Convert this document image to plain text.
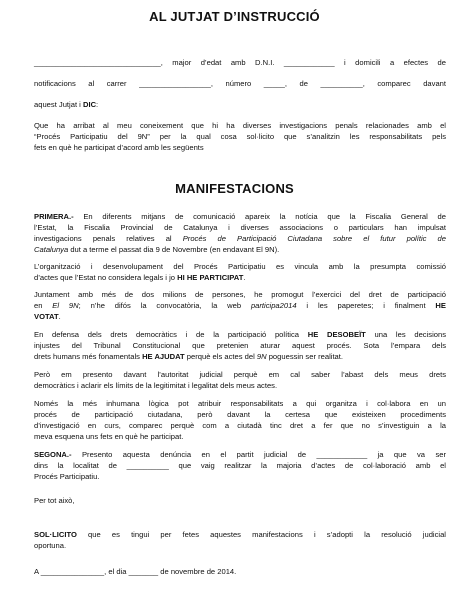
AL JUTJAT D’INSTRUCCIÓ
______________________________, major d’edat amb D.N.I. ____________ i domicili a efectes de
notificacions al carrer _________________, número _____, de __________, comparec davant
aquest Jutjat i DIC:
Que ha arribat al meu coneixement que hi ha diverses investigacions penals relacionades amb el
“Procés Participatiu del 9N” per la qual cosa sol·licito que s’analitzin les responsabilitats pels
fets en què he participat d’acord amb les següents
MANIFESTACIONS
PRIMERA.- En diferents mitjans de comunicació apareix la notícia que la Fiscalia General de
l’Estat, la Fiscalia Provincial de Catalunya i diverses associacions o particulars han impulsat
investigacions penals relatives al Procés de Participació Ciutadana sobre el futur polític de
Catalunya dut a terme el passat dia 9 de Novembre (en endavant El 9N).
L’organització i desenvolupament del Procés Participatiu es vincula amb la presumpta comissió
d’actes que l’Estat no considera legals i jo HI HE PARTICIPAT.
Juntament amb més de dos milions de persones, he promogut l’exercici del dret de participació
en El 9N; n’he difós la convocatòria, la web participa2014 i les paperetes; i finalment HE
VOTAT.
En defensa dels drets democràtics i de la participació política HE DESOBEÏT una les decisions
injustes del Tribunal Constitucional que pretenien aturar aquest procés. Sota l’empara dels
drets humans més fonamentals HE AJUDAT perquè els actes del 9N poguessin ser realitat.
Però em presento davant l’autoritat judicial perquè em cal saber l’abast dels meus drets
democràtics i aclarir els límits de la legitimitat i legalitat dels meus actes.
Només la més inhumana lògica pot atribuir responsabilitats a qui organitza i col·labora en un
procés de participació ciutadana, però davant la certesa que existeixen procediments
d’investigació en curs, comparec perquè com a ciutadà tinc dret a fer que no s’investiguin a la
meva esquena uns fets en què he participat.
SEGONA.- Presento aquesta denúncia en el partit judicial de ____________ ja que va ser
dins la localitat de __________ que vaig realitzar la majoria d’actes de col·laboració amb el
Procés Participatiu.
Per tot això,
SOL·LICITO que es tingui per fetes aquestes manifestacions i s’adopti la resolució judicial
oportuna.
A _______________, el dia _______ de novembre de 2014.
